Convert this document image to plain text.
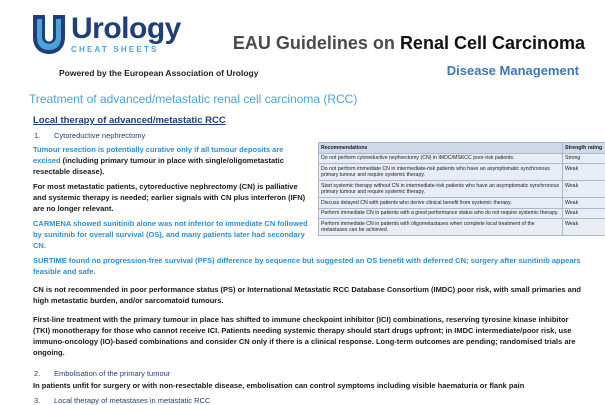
Urology
CHEAT SHEETS
Powered by the European Association of Urology
EAU Guidelines on Renal Cell Carcinoma
Disease Management
Treatment of advanced/metastatic renal cell carcinoma (RCC)
Local therapy of advanced/metastatic RCC
1. Cytoreductive nephrectomy
Tumour resection is potentially curative only if all tumour deposits are excised (including primary tumour in place with single/oligometastatic resectable disease).
For most metastatic patients, cytoreductive nephrectomy (CN) is palliative and systemic therapy is needed; earlier signals with CN plus interferon (IFN) are no longer relevant.
CARMENA showed sunitinib alone was not inferior to immediate CN followed by sunitinib for overall survival (OS), and many patients later had secondary CN.
SURTIME found no progression-free survival (PFS) difference by sequence but suggested an OS benefit with deferred CN; surgery after sunitinib appears feasible and safe.
CN is not recommended in poor performance status (PS) or International Metastatic RCC Database Consortium (IMDC) poor risk, with small primaries and high metastatic burden, and/or sarcomatoid tumours.
First-line treatment with the primary tumour in place has shifted to immune checkpoint inhibitor (ICI) combinations, reserving tyrosine kinase inhibitor (TKI) monotherapy for those who cannot receive ICI. Patients needing systemic therapy should start drugs upfront; in IMDC intermediate/poor risk, use immuno-oncology (IO)-based combinations and consider CN only if there is a clinical response. Long-term outcomes are pending; randomised trials are ongoing.
2. Embolisation of the primary tumour
In patients unfit for surgery or with non-resectable disease, embolisation can control symptoms including visible haematuria or flank pain
3. Local therapy of metastases in metastatic RCC
Recommendations	Strength rating
Do not perform cytoreductive nephrectomy (CN) in IMDC/MSKCC poor-risk patients.	Strong
Do not perform immediate CN in intermediate-risk patients who have an asymptomatic synchronous primary tumour and require systemic therapy.	Weak
Start systemic therapy without CN in intermediate-risk patients who have an asymptomatic synchronous primary tumour and require systemic therapy.	Weak
Discuss delayed CN with patients who derive clinical benefit from systemic therapy.	Weak
Perform immediate CN in patients with a good performance status who do not require systemic therapy.	Weak
Perform immediate CN in patients with oligometastases when complete local treatment of the metastases can be achieved.	Weak
